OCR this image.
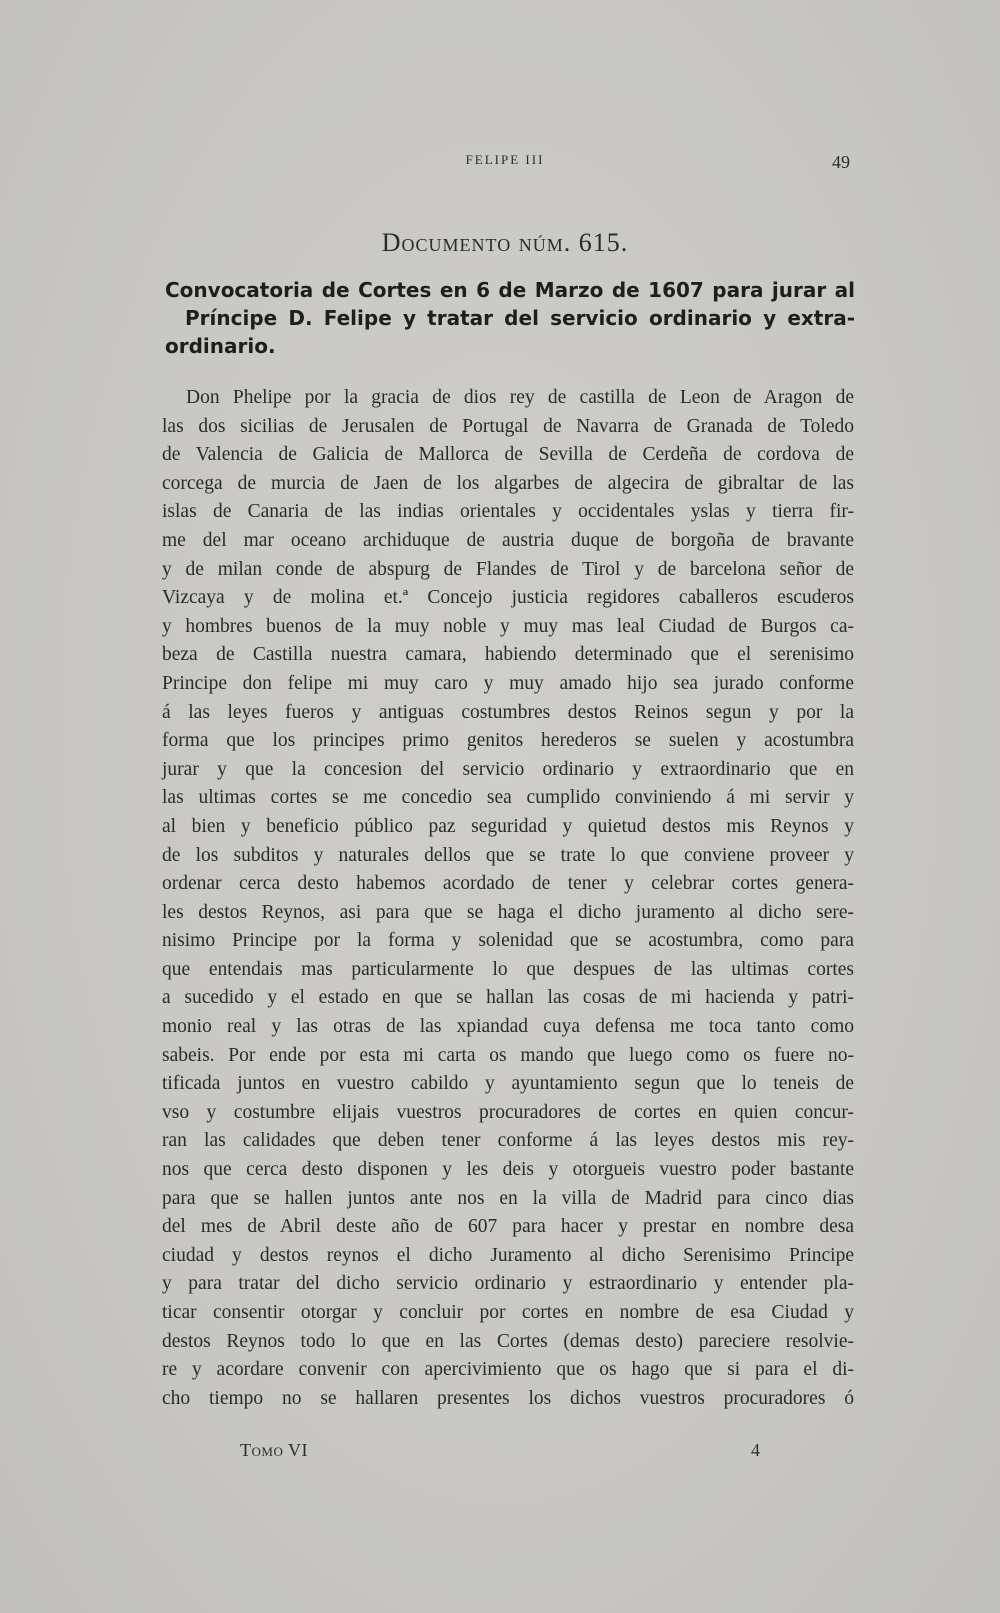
FELIPE III	49
Documento núm. 615.
Convocatoria de Cortes en 6 de Marzo de 1607 para jurar al
Príncipe D. Felipe y tratar del servicio ordinario y extra-
ordinario.
Don Phelipe por la gracia de dios rey de castilla de Leon de Aragon de
las dos sicilias de Jerusalen de Portugal de Navarra de Granada de Toledo
de Valencia de Galicia de Mallorca de Sevilla de Cerdeña de cordova de
corcega de murcia de Jaen de los algarbes de algecira de gibraltar de las
islas de Canaria de las indias orientales y occidentales yslas y tierra fir-
me del mar oceano archiduque de austria duque de borgoña de bravante
y de milan conde de abspurg de Flandes de Tirol y de barcelona señor de
Vizcaya y de molina et.ª Concejo justicia regidores caballeros escuderos
y hombres buenos de la muy noble y muy mas leal Ciudad de Burgos ca-
beza de Castilla nuestra camara, habiendo determinado que el serenisimo
Principe don felipe mi muy caro y muy amado hijo sea jurado conforme
á las leyes fueros y antiguas costumbres destos Reinos segun y por la
forma que los principes primo genitos herederos se suelen y acostumbra
jurar y que la concesion del servicio ordinario y extraordinario que en
las ultimas cortes se me concedio sea cumplido conviniendo á mi servir y
al bien y beneficio público paz seguridad y quietud destos mis Reynos y
de los subditos y naturales dellos que se trate lo que conviene proveer y
ordenar cerca desto habemos acordado de tener y celebrar cortes genera-
les destos Reynos, asi para que se haga el dicho juramento al dicho sere-
nisimo Principe por la forma y solenidad que se acostumbra, como para
que entendais mas particularmente lo que despues de las ultimas cortes
a sucedido y el estado en que se hallan las cosas de mi hacienda y patri-
monio real y las otras de las xpiandad cuya defensa me toca tanto como
sabeis. Por ende por esta mi carta os mando que luego como os fuere no-
tificada juntos en vuestro cabildo y ayuntamiento segun que lo teneis de
vso y costumbre elijais vuestros procuradores de cortes en quien concur-
ran las calidades que deben tener conforme á las leyes destos mis rey-
nos que cerca desto disponen y les deis y otorgueis vuestro poder bastante
para que se hallen juntos ante nos en la villa de Madrid para cinco dias
del mes de Abril deste año de 607 para hacer y prestar en nombre desa
ciudad y destos reynos el dicho Juramento al dicho Serenisimo Principe
y para tratar del dicho servicio ordinario y estraordinario y entender pla-
ticar consentir otorgar y concluir por cortes en nombre de esa Ciudad y
destos Reynos todo lo que en las Cortes (demas desto) pareciere resolvie-
re y acordare convenir con apercivimiento que os hago que si para el di-
cho tiempo no se hallaren presentes los dichos vuestros procuradores ó
Tomo VI	4
